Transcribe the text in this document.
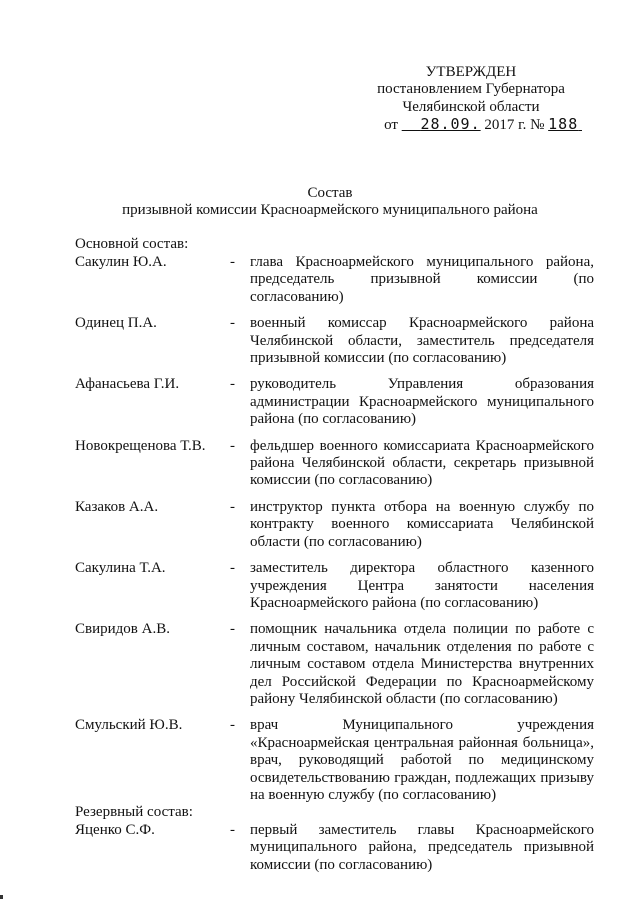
УТВЕРЖДЕН
постановлением Губернатора
Челябинской области
от 28.09. 2017 г. № 188
Состав
призывной комиссии Красноармейского муниципального района
Основной состав:
Сакулин Ю.А.	- глава Красноармейского муниципального района, председатель призывной комиссии (по согласованию)
Одинец П.А.	- военный комиссар Красноармейского района Челябинской области, заместитель председателя призывной комиссии (по согласованию)
Афанасьева Г.И.	- руководитель Управления образования администрации Красноармейского муниципального района (по согласованию)
Новокрещенова Т.В. - фельдшер военного комиссариата Красноармейского района Челябинской области, секретарь призывной комиссии (по согласованию)
Казаков А.А.	- инструктор пункта отбора на военную службу по контракту военного комиссариата Челябинской области (по согласованию)
Сакулина Т.А.	- заместитель директора областного казенного учреждения Центра занятости населения Красноармейского района (по согласованию)
Свиридов А.В.	- помощник начальника отдела полиции по работе с личным составом, начальник отделения по работе с личным составом отдела Министерства внутренних дел Российской Федерации по Красноармейскому району Челябинской области (по согласованию)
Смульский Ю.В.	- врач Муниципального учреждения «Красноармейская центральная районная больница», врач, руководящий работой по медицинскому освидетельствованию граждан, подлежащих призыву на военную службу (по согласованию)
Резервный состав:
Яценко С.Ф.	- первый заместитель главы Красноармейского муниципального района, председатель призывной комиссии (по согласованию)
